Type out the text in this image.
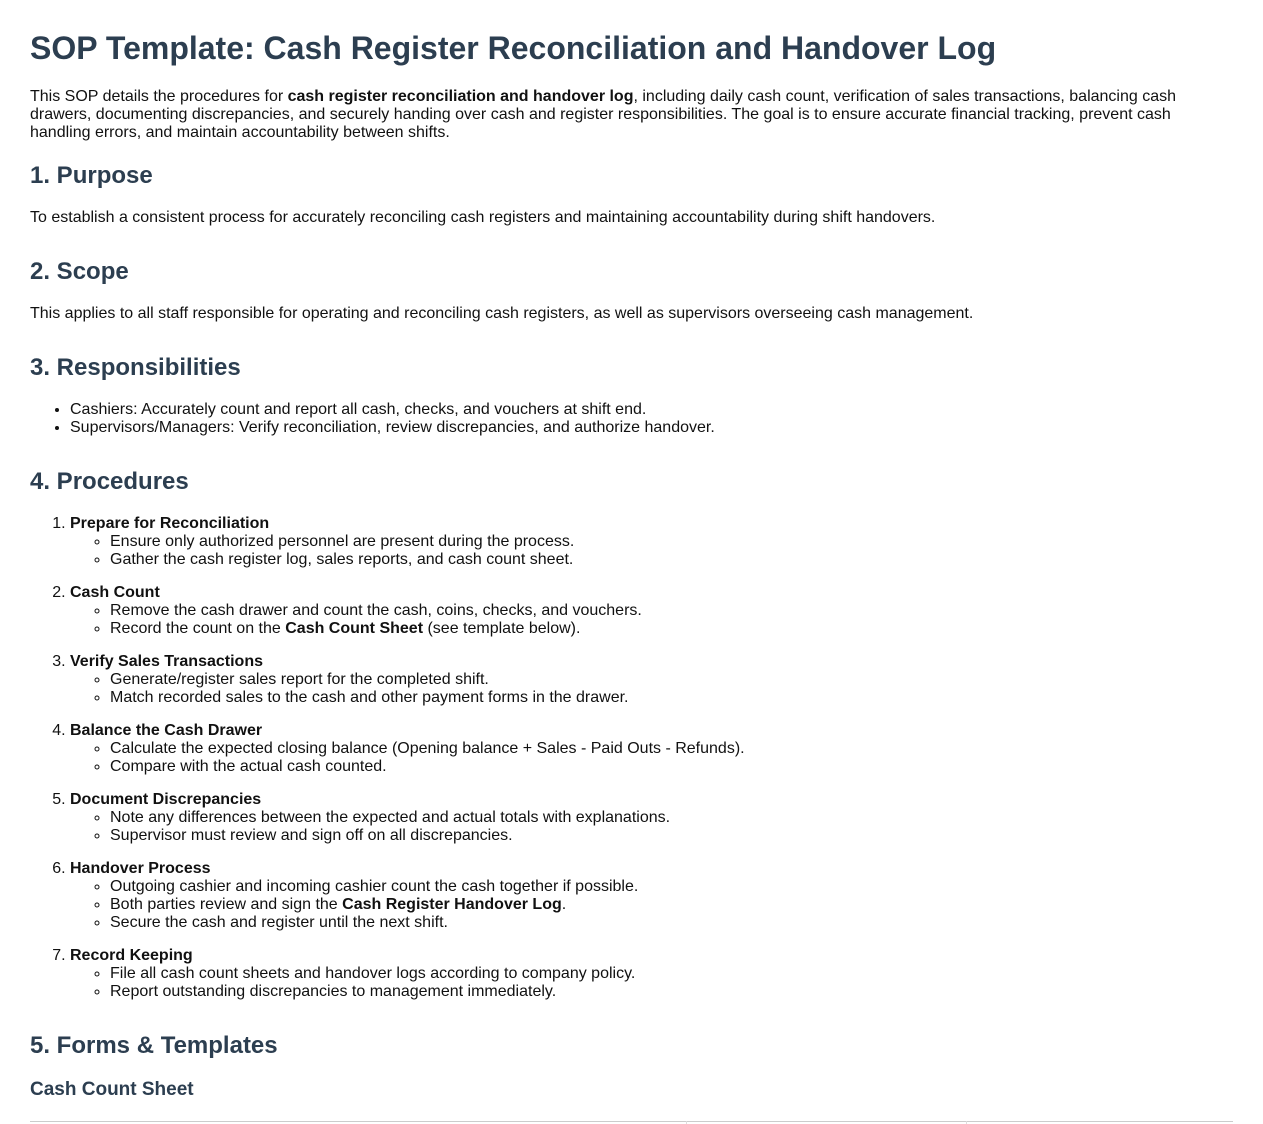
SOP Template: Cash Register Reconciliation and Handover Log

This SOP details the procedures for cash register reconciliation and handover log, including daily cash count, verification of sales transactions, balancing cash drawers, documenting discrepancies, and securely handing over cash and register responsibilities. The goal is to ensure accurate financial tracking, prevent cash handling errors, and maintain accountability between shifts.

1. Purpose

To establish a consistent process for accurately reconciling cash registers and maintaining accountability during shift handovers.

2. Scope

This applies to all staff responsible for operating and reconciling cash registers, as well as supervisors overseeing cash management.

3. Responsibilities
• Cashiers: Accurately count and report all cash, checks, and vouchers at shift end.
• Supervisors/Managers: Verify reconciliation, review discrepancies, and authorize handover.
4. Procedures
1. Prepare for Reconciliation
◦ Ensure only authorized personnel are present during the process.
◦ Gather the cash register log, sales reports, and cash count sheet.
2. Cash Count
◦ Remove the cash drawer and count the cash, coins, checks, and vouchers.
◦ Record the count on the Cash Count Sheet (see template below).
3. Verify Sales Transactions
◦ Generate/register sales report for the completed shift.
◦ Match recorded sales to the cash and other payment forms in the drawer.
4. Balance the Cash Drawer
◦ Calculate the expected closing balance (Opening balance + Sales - Paid Outs - Refunds).
◦ Compare with the actual cash counted.
5. Document Discrepancies
◦ Note any differences between the expected and actual totals with explanations.
◦ Supervisor must review and sign off on all discrepancies.
6. Handover Process
◦ Outgoing cashier and incoming cashier count the cash together if possible.
◦ Both parties review and sign the Cash Register Handover Log.
◦ Secure the cash and register until the next shift.
7. Record Keeping
◦ File all cash count sheets and handover logs according to company policy.
◦ Report outstanding discrepancies to management immediately.
5. Forms & Templates
Cash Count Sheet
